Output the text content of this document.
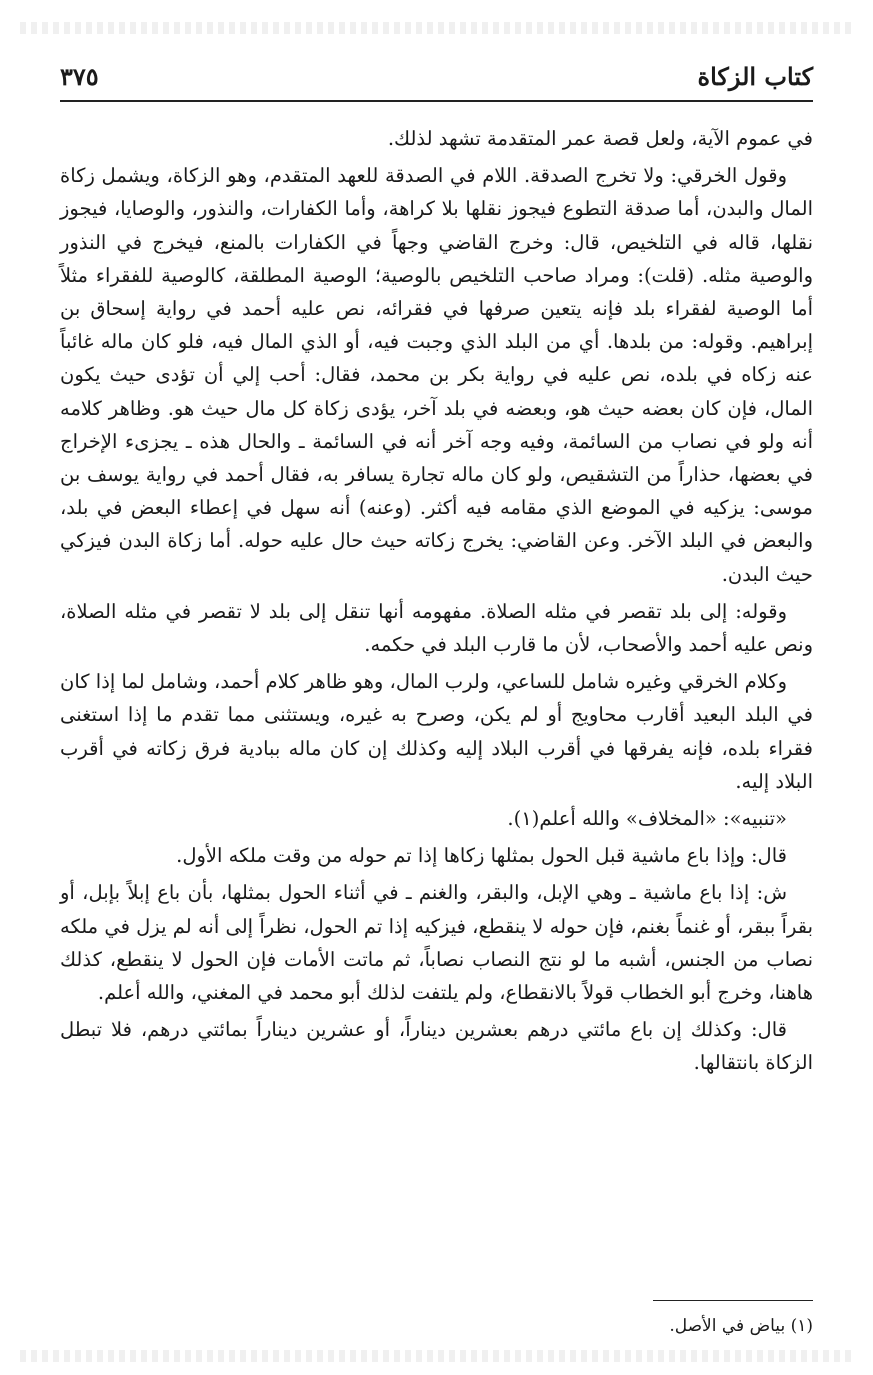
كتاب الزكاة
٣٧٥

في عموم الآية، ولعل قصة عمر المتقدمة تشهد لذلك.

وقول الخرقي: ولا تخرج الصدقة. اللام في الصدقة للعهد المتقدم، وهو الزكاة، ويشمل زكاة المال والبدن، أما صدقة التطوع فيجوز نقلها بلا كراهة، وأما الكفارات، والنذور، والوصايا، فيجوز نقلها، قاله في التلخيص، قال: وخرج القاضي وجهاً في الكفارات بالمنع، فيخرج في النذور والوصية مثله. (قلت): ومراد صاحب التلخيص بالوصية؛ الوصية المطلقة، كالوصية للفقراء مثلاً أما الوصية لفقراء بلد فإنه يتعين صرفها في فقرائه، نص عليه أحمد في رواية إسحاق بن إبراهيم. وقوله: من بلدها. أي من البلد الذي وجبت فيه، أو الذي المال فيه، فلو كان ماله غائباً عنه زكاه في بلده، نص عليه في رواية بكر بن محمد، فقال: أحب إلي أن تؤدى حيث يكون المال، فإن كان بعضه حيث هو، وبعضه في بلد آخر، يؤدى زكاة كل مال حيث هو. وظاهر كلامه أنه ولو في نصاب من السائمة، وفيه وجه آخر أنه في السائمة ـ والحال هذه ـ يجزىء الإخراج في بعضها، حذاراً من التشقيص، ولو كان ماله تجارة يسافر به، فقال أحمد في رواية يوسف بن موسى: يزكيه في الموضع الذي مقامه فيه أكثر. (وعنه) أنه سهل في إعطاء البعض في بلد، والبعض في البلد الآخر. وعن القاضي: يخرج زكاته حيث حال عليه حوله. أما زكاة البدن فيزكي حيث البدن.

وقوله: إلى بلد تقصر في مثله الصلاة. مفهومه أنها تنقل إلى بلد لا تقصر في مثله الصلاة، ونص عليه أحمد والأصحاب، لأن ما قارب البلد في حكمه.

وكلام الخرقي وغيره شامل للساعي، ولرب المال، وهو ظاهر كلام أحمد، وشامل لما إذا كان في البلد البعيد أقارب محاويج أو لم يكن، وصرح به غيره، ويستثنى مما تقدم ما إذا استغنى فقراء بلده، فإنه يفرقها في أقرب البلاد إليه وكذلك إن كان ماله ببادية فرق زكاته في أقرب البلاد إليه.

«تنبيه»: «المخلاف» والله أعلم(١).

قال: وإذا باع ماشية قبل الحول بمثلها زكاها إذا تم حوله من وقت ملكه الأول.

ش: إذا باع ماشية ـ وهي الإبل، والبقر، والغنم ـ في أثناء الحول بمثلها، بأن باع إبلاً بإبل، أو بقراً ببقر، أو غنماً بغنم، فإن حوله لا ينقطع، فيزكيه إذا تم الحول، نظراً إلى أنه لم يزل في ملكه نصاب من الجنس، أشبه ما لو نتج النصاب نصاباً، ثم ماتت الأمات فإن الحول لا ينقطع، كذلك هاهنا، وخرج أبو الخطاب قولاً بالانقطاع، ولم يلتفت لذلك أبو محمد في المغني، والله أعلم.

قال: وكذلك إن باع مائتي درهم بعشرين ديناراً، أو عشرين ديناراً بمائتي درهم، فلا تبطل الزكاة بانتقالها.

(١) بياض في الأصل.
